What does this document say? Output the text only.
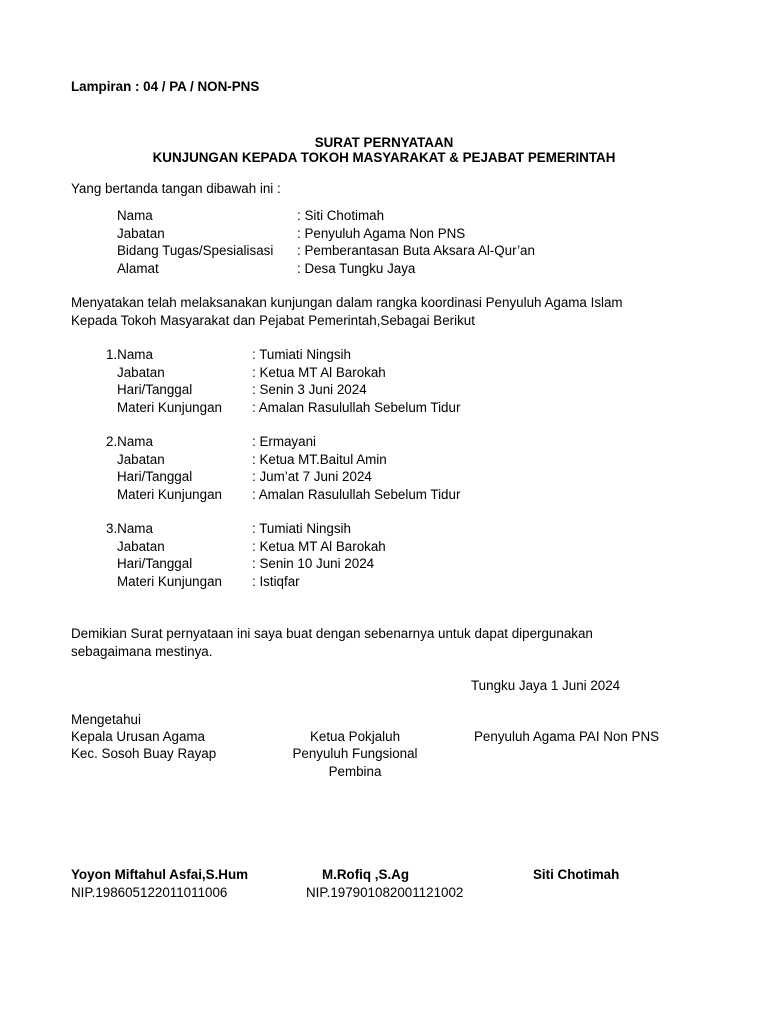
Lampiran : 04 / PA / NON-PNS
SURAT PERNYATAAN
KUNJUNGAN KEPADA TOKOH MASYARAKAT & PEJABAT PEMERINTAH
Yang bertanda tangan dibawah ini :
Nama	: Siti Chotimah
Jabatan	: Penyuluh Agama Non PNS
Bidang Tugas/Spesialisasi : Pemberantasan Buta Aksara Al-Qur’an
Alamat	: Desa Tungku Jaya
Menyatakan telah melaksanakan kunjungan dalam rangka koordinasi Penyuluh Agama Islam
Kepada Tokoh Masyarakat dan Pejabat Pemerintah,Sebagai Berikut
1.Nama	: Tumiati Ningsih
Jabatan	: Ketua MT Al Barokah
Hari/Tanggal	: Senin 3 Juni 2024
Materi Kunjungan : Amalan Rasulullah Sebelum Tidur
2.Nama	: Ermayani
Jabatan	: Ketua MT.Baitul Amin
Hari/Tanggal	: Jum’at 7 Juni 2024
Materi Kunjungan : Amalan Rasulullah Sebelum Tidur
3.Nama	: Tumiati Ningsih
Jabatan	: Ketua MT Al Barokah
Hari/Tanggal	: Senin 10 Juni 2024
Materi Kunjungan : Istiqfar
Demikian Surat pernyataan ini saya buat dengan sebenarnya untuk dapat dipergunakan
sebagaimana mestinya.
Tungku Jaya 1 Juni 2024
Mengetahui
Kepala Urusan Agama
Kec. Sosoh Buay Rayap
Ketua Pokjaluh
Penyuluh Fungsional
Pembina
Penyuluh Agama PAI Non PNS
Yoyon Miftahul Asfai,S.Hum
NIP.198605122011011006
M.Rofiq ,S.Ag
NIP.197901082001121002
Siti Chotimah
